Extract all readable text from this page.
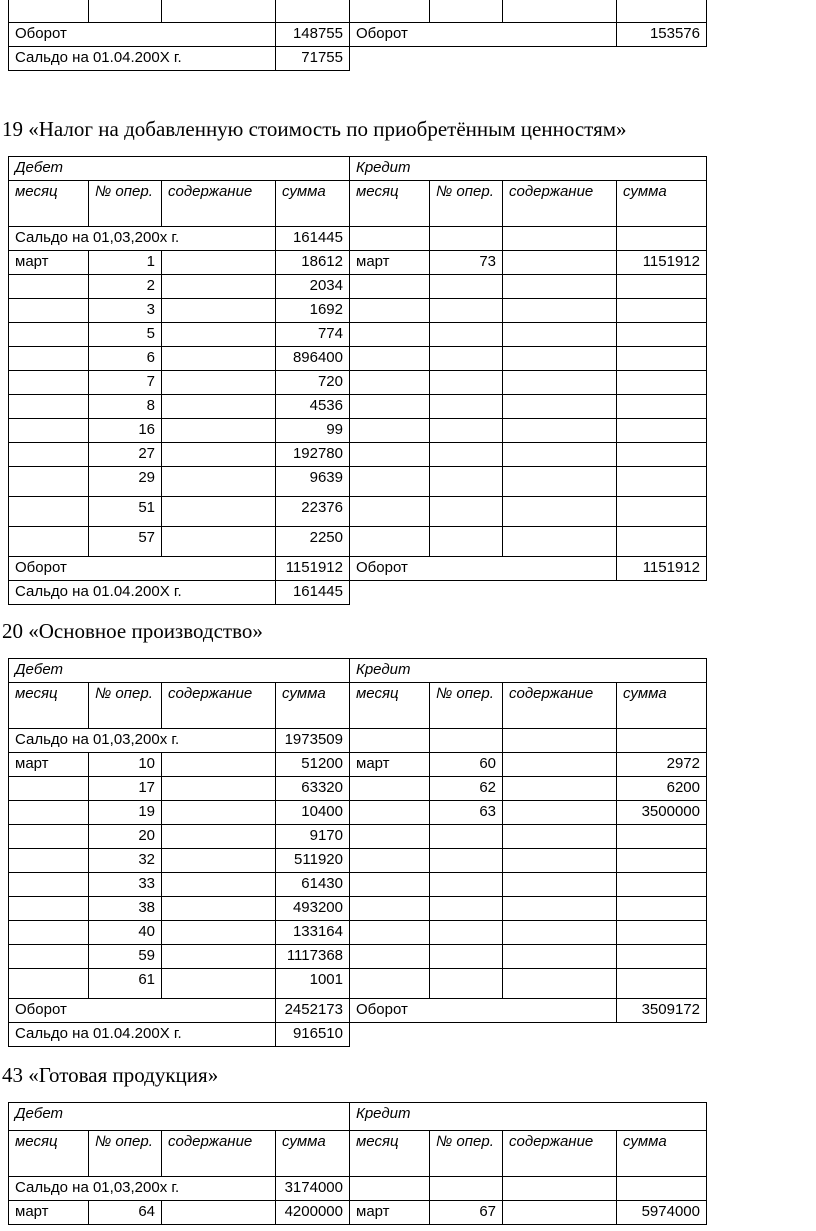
Оборот			148755	Оборот			153576
Сальдо на 01.04.200Х г.			71755				
19 «Налог на добавленную стоимость по приобретённым ценностям»
Дебет				Кредит			
месяц	№ опер.	содержание	сумма	месяц	№ опер.	содержание	сумма
Сальдо на 01,03,200х г.			161445				
март	1		18612	март	73		1151912
	2		2034				
	3		1692				
	5		774				
	6		896400				
	7		720				
	8		4536				
	16		99				
	27		192780				
	29		9639				
	51		22376				
	57		2250				
Оборот			1151912	Оборот			1151912
Сальдо на 01.04.200Х г.			161445				
20 «Основное производство»
Дебет				Кредит			
месяц	№ опер.	содержание	сумма	месяц	№ опер.	содержание	сумма
Сальдо на 01,03,200х г.			1973509				
март	10		51200	март	60		2972
	17		63320		62		6200
	19		10400		63		3500000
	20		9170				
	32		511920				
	33		61430				
	38		493200				
	40		133164				
	59		1117368				
	61		1001				
Оборот			2452173	Оборот			3509172
Сальдо на 01.04.200Х г.			916510				
43 «Готовая продукция»
Дебет				Кредит			
месяц	№ опер.	содержание	сумма	месяц	№ опер.	содержание	сумма
Сальдо на 01,03,200х г.			3174000				
март	64		4200000	март	67		5974000
